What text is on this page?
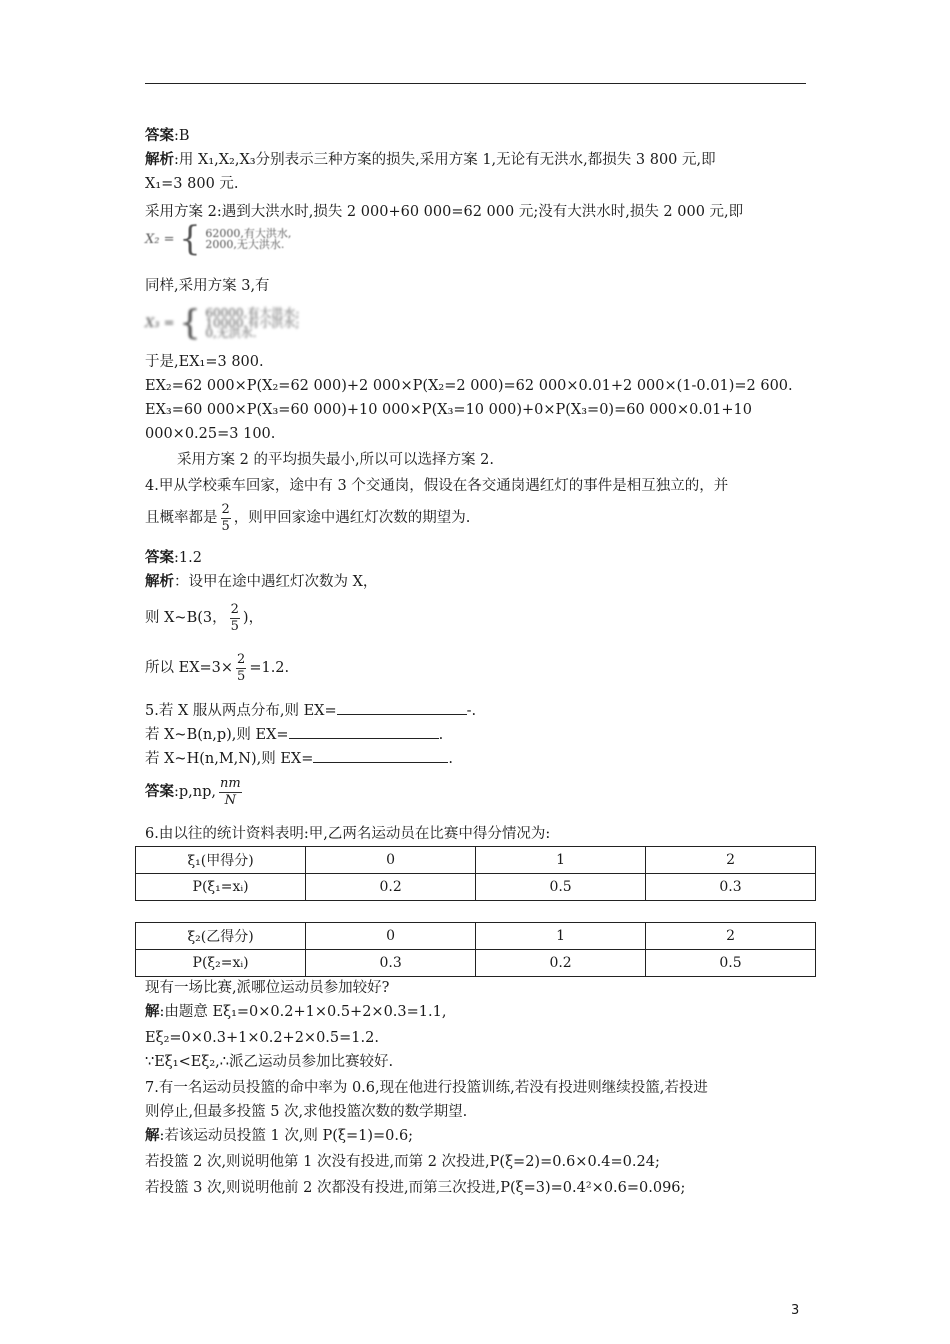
答案:B
解析:用 X₁,X₂,X₃分别表示三种方案的损失,采用方案 1,无论有无洪水,都损失 3 800 元,即
X₁=3 800 元.
采用方案 2:遇到大洪水时,损失 2 000+60 000=62 000 元;没有大洪水时,损失 2 000 元,即
X₂ = { 62000,有大洪水,
2000,无大洪水.
同样,采用方案 3,有
X₃ = { 60000,有大洪水;
10000,有小洪水;
0,无洪水.
于是,EX₁=3 800.
EX₂=62 000×P(X₂=62 000)+2 000×P(X₂=2 000)=62 000×0.01+2 000×(1-0.01)=2 600.
EX₃=60 000×P(X₃=60 000)+10 000×P(X₃=10 000)+0×P(X₃=0)=60 000×0.01+10
000×0.25=3 100.
采用方案 2 的平均损失最小,所以可以选择方案 2.
4.甲从学校乘车回家，途中有 3 个交通岗，假设在各交通岗遇红灯的事件是相互独立的，并
且概率都是 $\frac{2}{5}$ ，则甲回家途中遇红灯次数的期望为.
答案:1.2
解析：设甲在途中遇红灯次数为 X，
则 X~B(3， $\frac{2}{5}$ )，
所以 $EX=3\times \frac{2}{5} =1.2$.
5.若 X 服从两点分布,则 EX=	-.
若 X~B(n,p),则 EX=	.
若 X~H(n,M,N),则 EX=	.
答案:p,np, $\frac{nm}{N}$
6.由以往的统计资料表明:甲,乙两名运动员在比赛中得分情况为:
ξ₁(甲得分)	0	1	2
P(ξ₁=xᵢ)	0.2	0.5	0.3
ξ₂(乙得分)	0	1	2
P(ξ₂=xᵢ)	0.3	0.2	0.5
现有一场比赛,派哪位运动员参加较好?
解:由题意 Eξ₁=0×0.2+1×0.5+2×0.3=1.1,
Eξ₂=0×0.3+1×0.2+2×0.5=1.2.
∵Eξ₁<Eξ₂,∴派乙运动员参加比赛较好.
7.有一名运动员投篮的命中率为 0.6,现在他进行投篮训练,若没有投进则继续投篮,若投进
则停止,但最多投篮 5 次,求他投篮次数的数学期望.
解:若该运动员投篮 1 次,则 P(ξ=1)=0.6;
若投篮 2 次,则说明他第 1 次没有投进,而第 2 次投进,P(ξ=2)=0.6×0.4=0.24;
若投篮 3 次,则说明他前 2 次都没有投进,而第三次投进,P(ξ=3)=0.4²×0.6=0.096;
3
